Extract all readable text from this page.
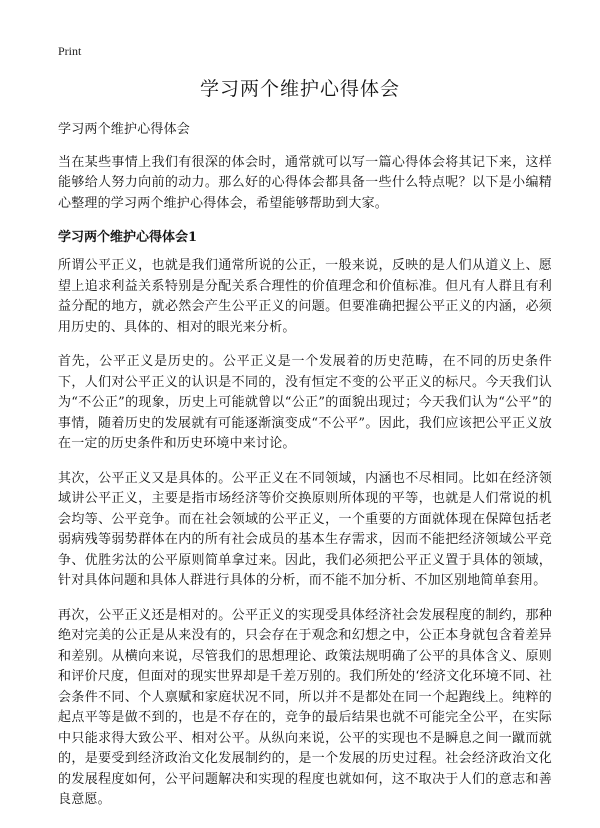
Print
学习两个维护心得体会

学习两个维护心得体会

当在某些事情上我们有很深的体会时，通常就可以写一篇心得体会将其记下来，这样能够给人努力向前的动力。那么好的心得体会都具备一些什么特点呢？以下是小编精心整理的学习两个维护心得体会，希望能够帮助到大家。

学习两个维护心得体会1

所谓公平正义，也就是我们通常所说的公正，一般来说，反映的是人们从道义上、愿望上追求利益关系特别是分配关系合理性的价值理念和价值标准。但凡有人群且有利益分配的地方，就必然会产生公平正义的问题。但要准确把握公平正义的内涵，必须用历史的、具体的、相对的眼光来分析。

首先，公平正义是历史的。公平正义是一个发展着的历史范畴，在不同的历史条件下，人们对公平正义的认识是不同的，没有恒定不变的公平正义的标尺。今天我们认为“不公正”的现象，历史上可能就曾以“公正”的面貌出现过；今天我们认为“公平”的事情，随着历史的发展就有可能逐渐演变成“不公平”。因此，我们应该把公平正义放在一定的历史条件和历史环境中来讨论。

其次，公平正义又是具体的。公平正义在不同领域，内涵也不尽相同。比如在经济领域讲公平正义，主要是指市场经济等价交换原则所体现的平等，也就是人们常说的机会均等、公平竞争。而在社会领域的公平正义，一个重要的方面就体现在保障包括老弱病残等弱势群体在内的所有社会成员的基本生存需求，因而不能把经济领域公平竞争、优胜劣汰的公平原则简单拿过来。因此，我们必须把公平正义置于具体的领域，针对具体问题和具体人群进行具体的分析，而不能不加分析、不加区别地简单套用。

再次，公平正义还是相对的。公平正义的实现受具体经济社会发展程度的制约，那种绝对完美的公正是从来没有的，只会存在于观念和幻想之中，公正本身就包含着差异和差别。从横向来说，尽管我们的思想理论、政策法规明确了公平的具体含义、原则和评价尺度，但面对的现实世界却是千差万别的。我们所处的‘经济文化环境不同、社会条件不同、个人禀赋和家庭状况不同，所以并不是都处在同一个起跑线上。纯粹的起点平等是做不到的，也是不存在的，竞争的最后结果也就不可能完全公平，在实际中只能求得大致公平、相对公平。从纵向来说，公平的实现也不是瞬息之间一蹴而就的，是要受到经济政治文化发展制约的，是一个发展的历史过程。社会经济政治文化的发展程度如何，公平问题解决和实现的程度也就如何，这不取决于人们的意志和善良意愿。
